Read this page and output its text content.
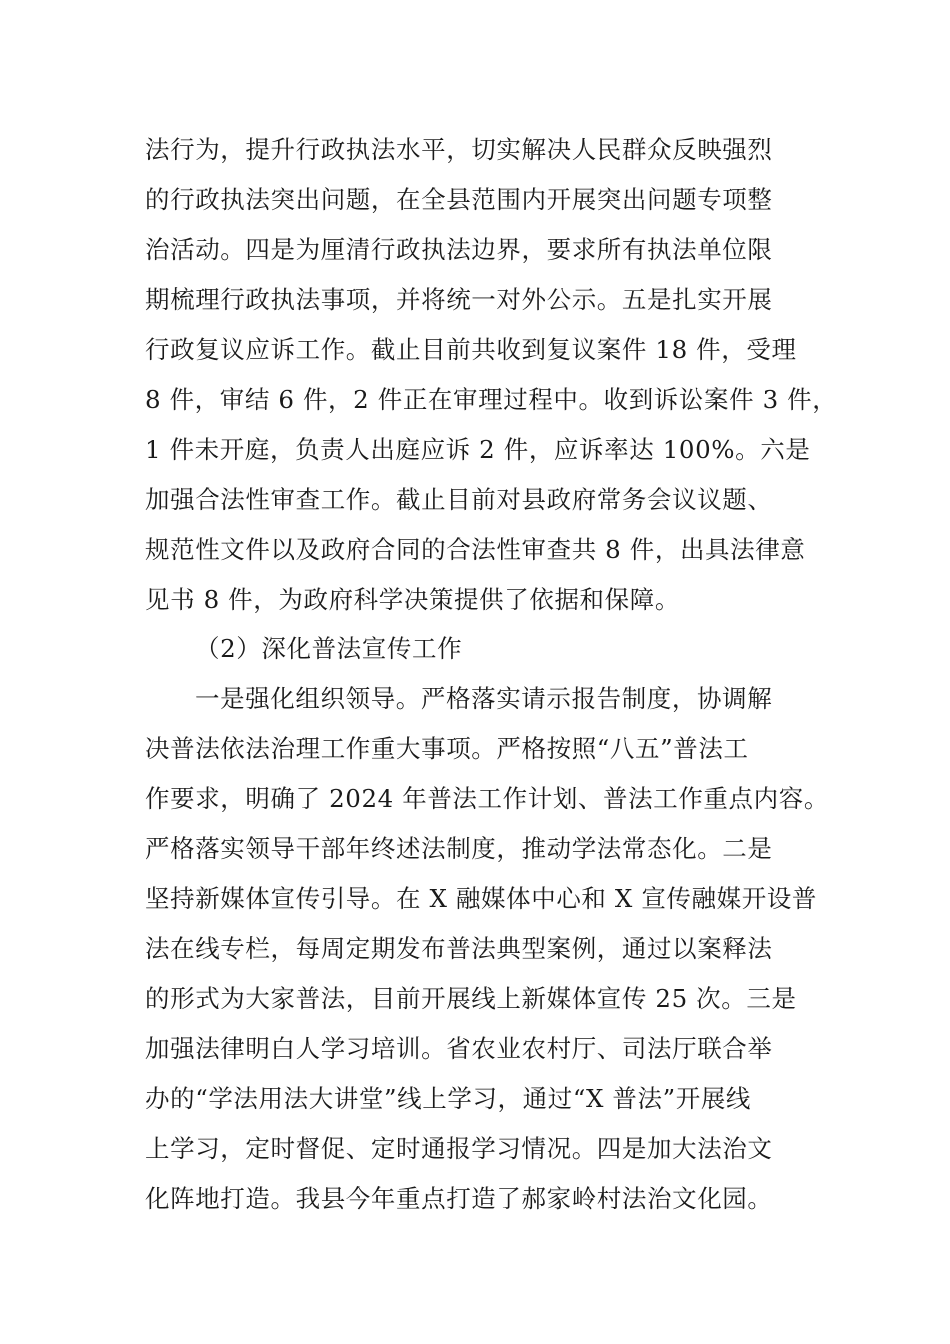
法行为，提升行政执法水平，切实解决人民群众反映强烈
的行政执法突出问题，在全县范围内开展突出问题专项整
治活动。四是为厘清行政执法边界，要求所有执法单位限
期梳理行政执法事项，并将统一对外公示。五是扎实开展
行政复议应诉工作。截止目前共收到复议案件 18 件，受理
8 件，审结 6 件，2 件正在审理过程中。收到诉讼案件 3 件，
1 件未开庭，负责人出庭应诉 2 件，应诉率达 100%。六是
加强合法性审查工作。截止目前对县政府常务会议议题、
规范性文件以及政府合同的合法性审查共 8 件，出具法律意
见书 8 件，为政府科学决策提供了依据和保障。
（2）深化普法宣传工作
一是强化组织领导。严格落实请示报告制度，协调解
决普法依法治理工作重大事项。严格按照“八五”普法工
作要求，明确了 2024 年普法工作计划、普法工作重点内容。
严格落实领导干部年终述法制度，推动学法常态化。二是
坚持新媒体宣传引导。在 X 融媒体中心和 X 宣传融媒开设普
法在线专栏，每周定期发布普法典型案例，通过以案释法
的形式为大家普法，目前开展线上新媒体宣传 25 次。三是
加强法律明白人学习培训。省农业农村厅、司法厅联合举
办的“学法用法大讲堂”线上学习，通过“X 普法”开展线
上学习，定时督促、定时通报学习情况。四是加大法治文
化阵地打造。我县今年重点打造了郝家岭村法治文化园。
